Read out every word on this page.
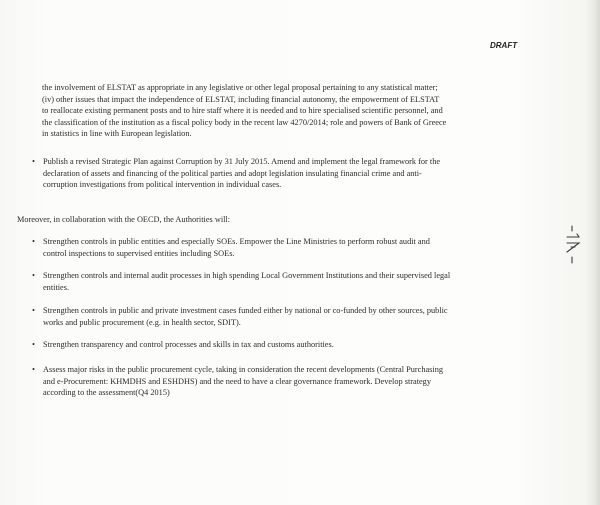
DRAFT
the involvement of ELSTAT as appropriate in any legislative or other legal proposal pertaining to any statistical matter;
(iv) other issues that impact the independence of ELSTAT, including financial autonomy, the empowerment of ELSTAT
to reallocate existing permanent posts and to hire staff where it is needed and to hire specialised scientific personnel, and
the classification of the institution as a fiscal policy body in the recent law 4270/2014; role and powers of Bank of Greece
in statistics in line with European legislation.
• Publish a revised Strategic Plan against Corruption by 31 July 2015. Amend and implement the legal framework for the
declaration of assets and financing of the political parties and adopt legislation insulating financial crime and anti-
corruption investigations from political intervention in individual cases.
Moreover, in collaboration with the OECD, the Authorities will:
• Strengthen controls in public entities and especially SOEs. Empower the Line Ministries to perform robust audit and
control inspections to supervised entities including SOEs.
• Strengthen controls and internal audit processes in high spending Local Government Institutions and their supervised legal
entities.
• Strengthen controls in public and private investment cases funded either by national or co-funded by other sources, public
works and public procurement (e.g. in health sector, SDIT).
• Strengthen transparency and control processes and skills in tax and customs authorities.
• Assess major risks in the public procurement cycle, taking in consideration the recent developments (Central Purchasing
and e-Procurement: KHMDHS and ESHDHS) and the need to have a clear governance framework. Develop strategy
according to the assessment(Q4 2015)
